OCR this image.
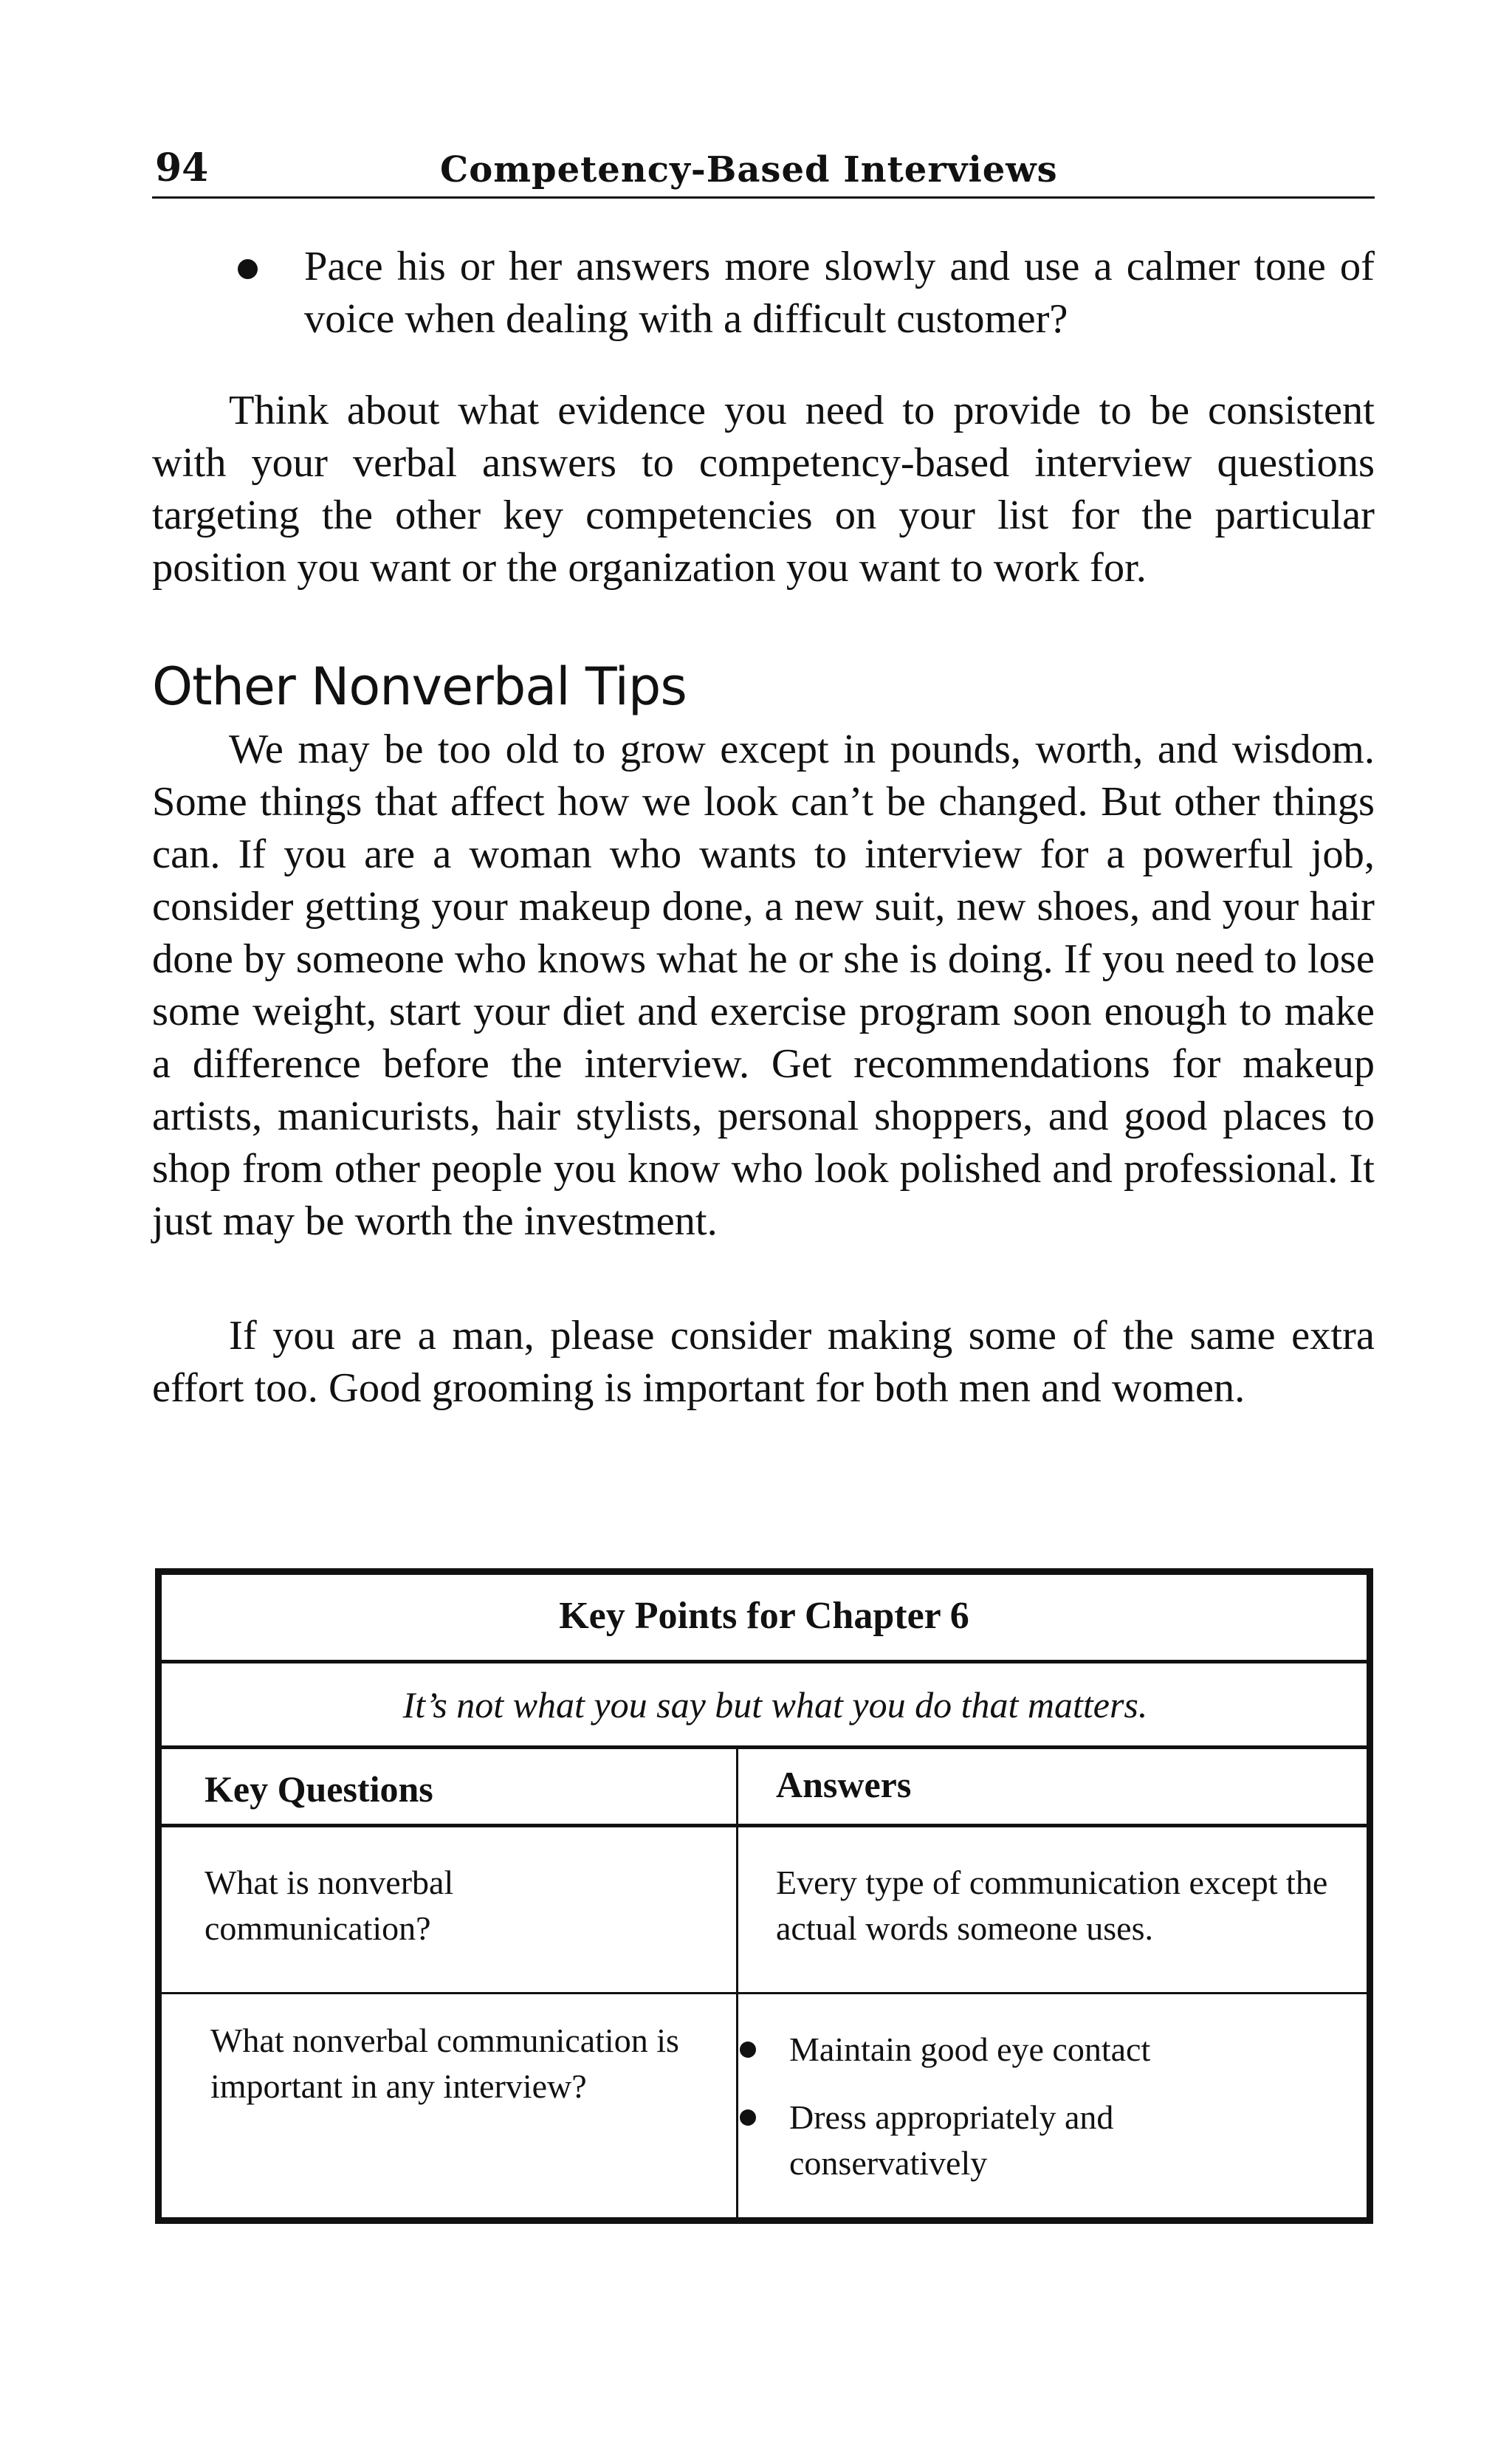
94	Competency-Based Interviews
Pace his or her answers more slowly and use a calmer tone of voice when dealing with a difficult customer?
Think about what evidence you need to provide to be consistent with your verbal answers to competency-based interview questions targeting the other key competencies on your list for the particular position you want or the organization you want to work for.
Other Nonverbal Tips
We may be too old to grow except in pounds, worth, and wisdom. Some things that affect how we look can’t be changed. But other things can. If you are a woman who wants to interview for a powerful job, consider getting your makeup done, a new suit, new shoes, and your hair done by someone who knows what he or she is doing. If you need to lose some weight, start your diet and exercise program soon enough to make a difference before the interview. Get recommendations for makeup artists, manicurists, hair stylists, personal shoppers, and good places to shop from other people you know who look polished and professional. It just may be worth the investment.
If you are a man, please consider making some of the same extra effort too. Good grooming is important for both men and women.
Key Points for Chapter 6
It’s not what you say but what you do that matters.
Key Questions	Answers
What is nonverbal communication?
Every type of communication except the actual words someone uses.
What nonverbal communication is important in any interview?
Maintain good eye contact
Dress appropriately and conservatively
